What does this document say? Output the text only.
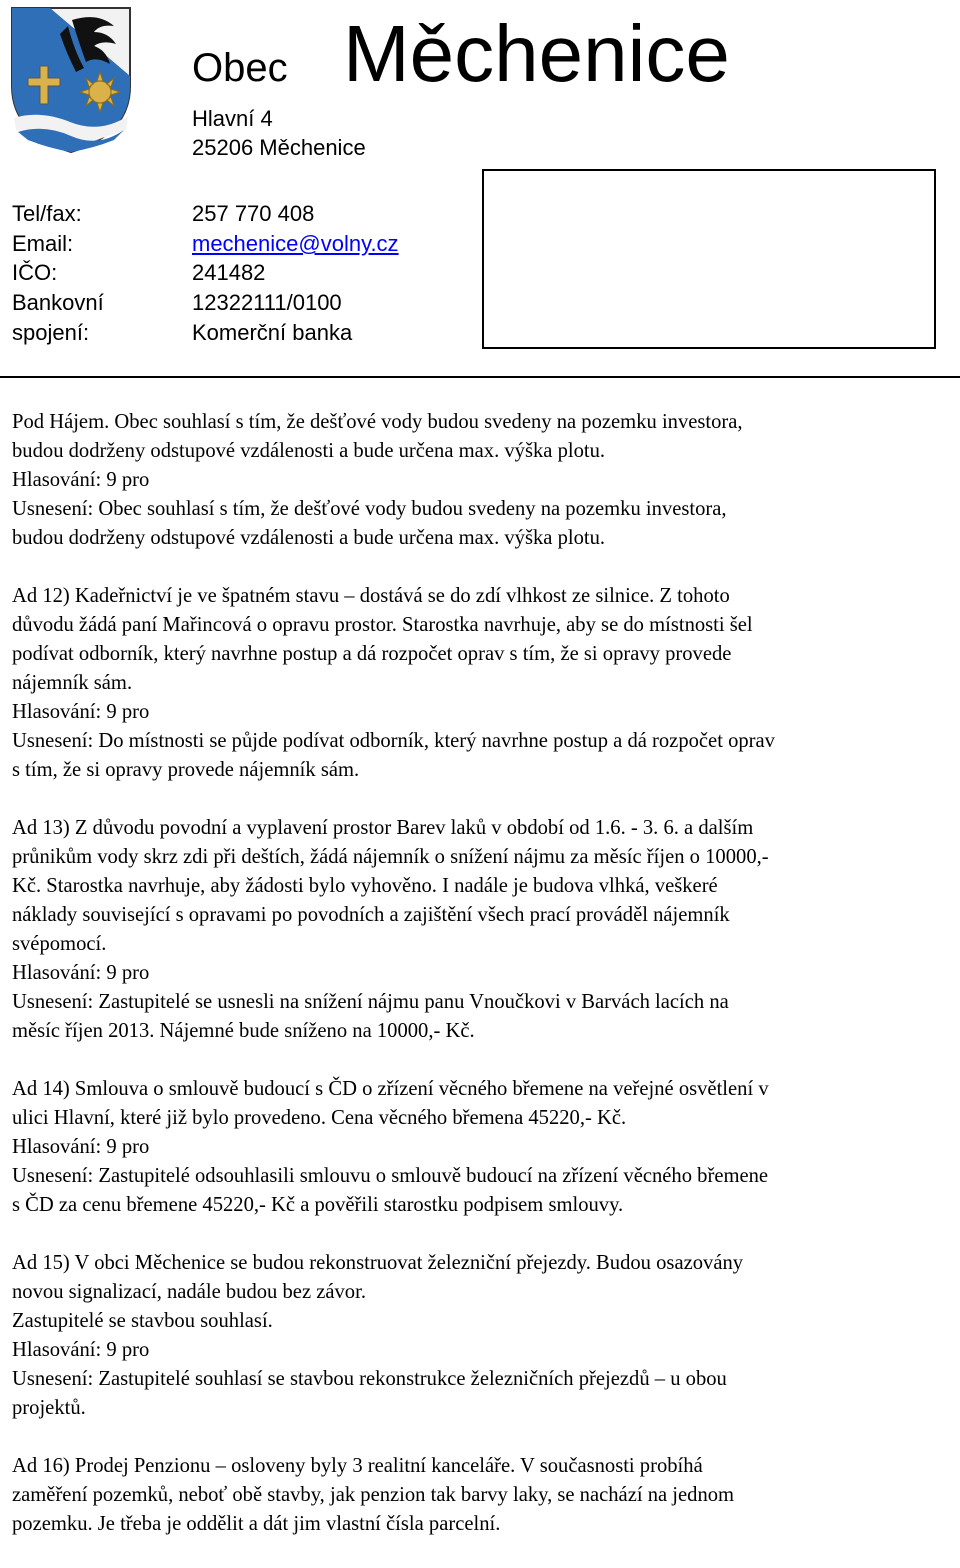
Obec Měchenice
Hlavní 4
25206 Měchenice
Tel/fax:	257 770 408
Email:	mechenice@volny.cz
IČO:	241482
Bankovní	12322111/0100
spojení:	Komerční banka

Pod Hájem. Obec souhlasí s tím, že dešťové vody budou svedeny na pozemku investora,
budou dodrženy odstupové vzdálenosti a bude určena max. výška plotu.
Hlasování: 9 pro
Usnesení: Obec souhlasí s tím, že dešťové vody budou svedeny na pozemku investora,
budou dodrženy odstupové vzdálenosti a bude určena max. výška plotu.

Ad 12) Kadeřnictví je ve špatném stavu – dostává se do zdí vlhkost ze silnice. Z tohoto
důvodu žádá paní Mařincová o opravu prostor. Starostka navrhuje, aby se do místnosti šel
podívat odborník, který navrhne postup a dá rozpočet oprav s tím, že si opravy provede
nájemník sám.
Hlasování: 9 pro
Usnesení: Do místnosti se půjde podívat odborník, který navrhne postup a dá rozpočet oprav
s tím, že si opravy provede nájemník sám.

Ad 13) Z důvodu povodní a vyplavení prostor Barev laků v období od 1.6. - 3. 6. a dalším
průnikům vody skrz zdi při deštích, žádá nájemník o snížení nájmu za měsíc říjen o 10000,-
Kč. Starostka navrhuje, aby žádosti bylo vyhověno. I nadále je budova vlhká, veškeré
náklady související s opravami po povodních a zajištění všech prací prováděl nájemník
svépomocí.
Hlasování: 9 pro
Usnesení: Zastupitelé se usnesli na snížení nájmu panu Vnoučkovi v Barvách lacích na
měsíc říjen 2013. Nájemné bude sníženo na 10000,- Kč.

Ad 14) Smlouva o smlouvě budoucí s ČD o zřízení věcného břemene na veřejné osvětlení v
ulici Hlavní, které již bylo provedeno. Cena věcného břemena 45220,- Kč.
Hlasování: 9 pro
Usnesení: Zastupitelé odsouhlasili smlouvu o smlouvě budoucí na zřízení věcného břemene
s ČD za cenu břemene 45220,- Kč a pověřili starostku podpisem smlouvy.

Ad 15) V obci Měchenice se budou rekonstruovat železniční přejezdy. Budou osazovány
novou signalizací, nadále budou bez závor.
Zastupitelé se stavbou souhlasí.
Hlasování: 9 pro
Usnesení: Zastupitelé souhlasí se stavbou rekonstrukce železničních přejezdů – u obou
projektů.

Ad 16) Prodej Penzionu – osloveny byly 3 realitní kanceláře. V současnosti probíhá
zaměření pozemků, neboť obě stavby, jak penzion tak barvy laky, se nachází na jednom
pozemku. Je třeba je oddělit a dát jim vlastní čísla parcelní.
